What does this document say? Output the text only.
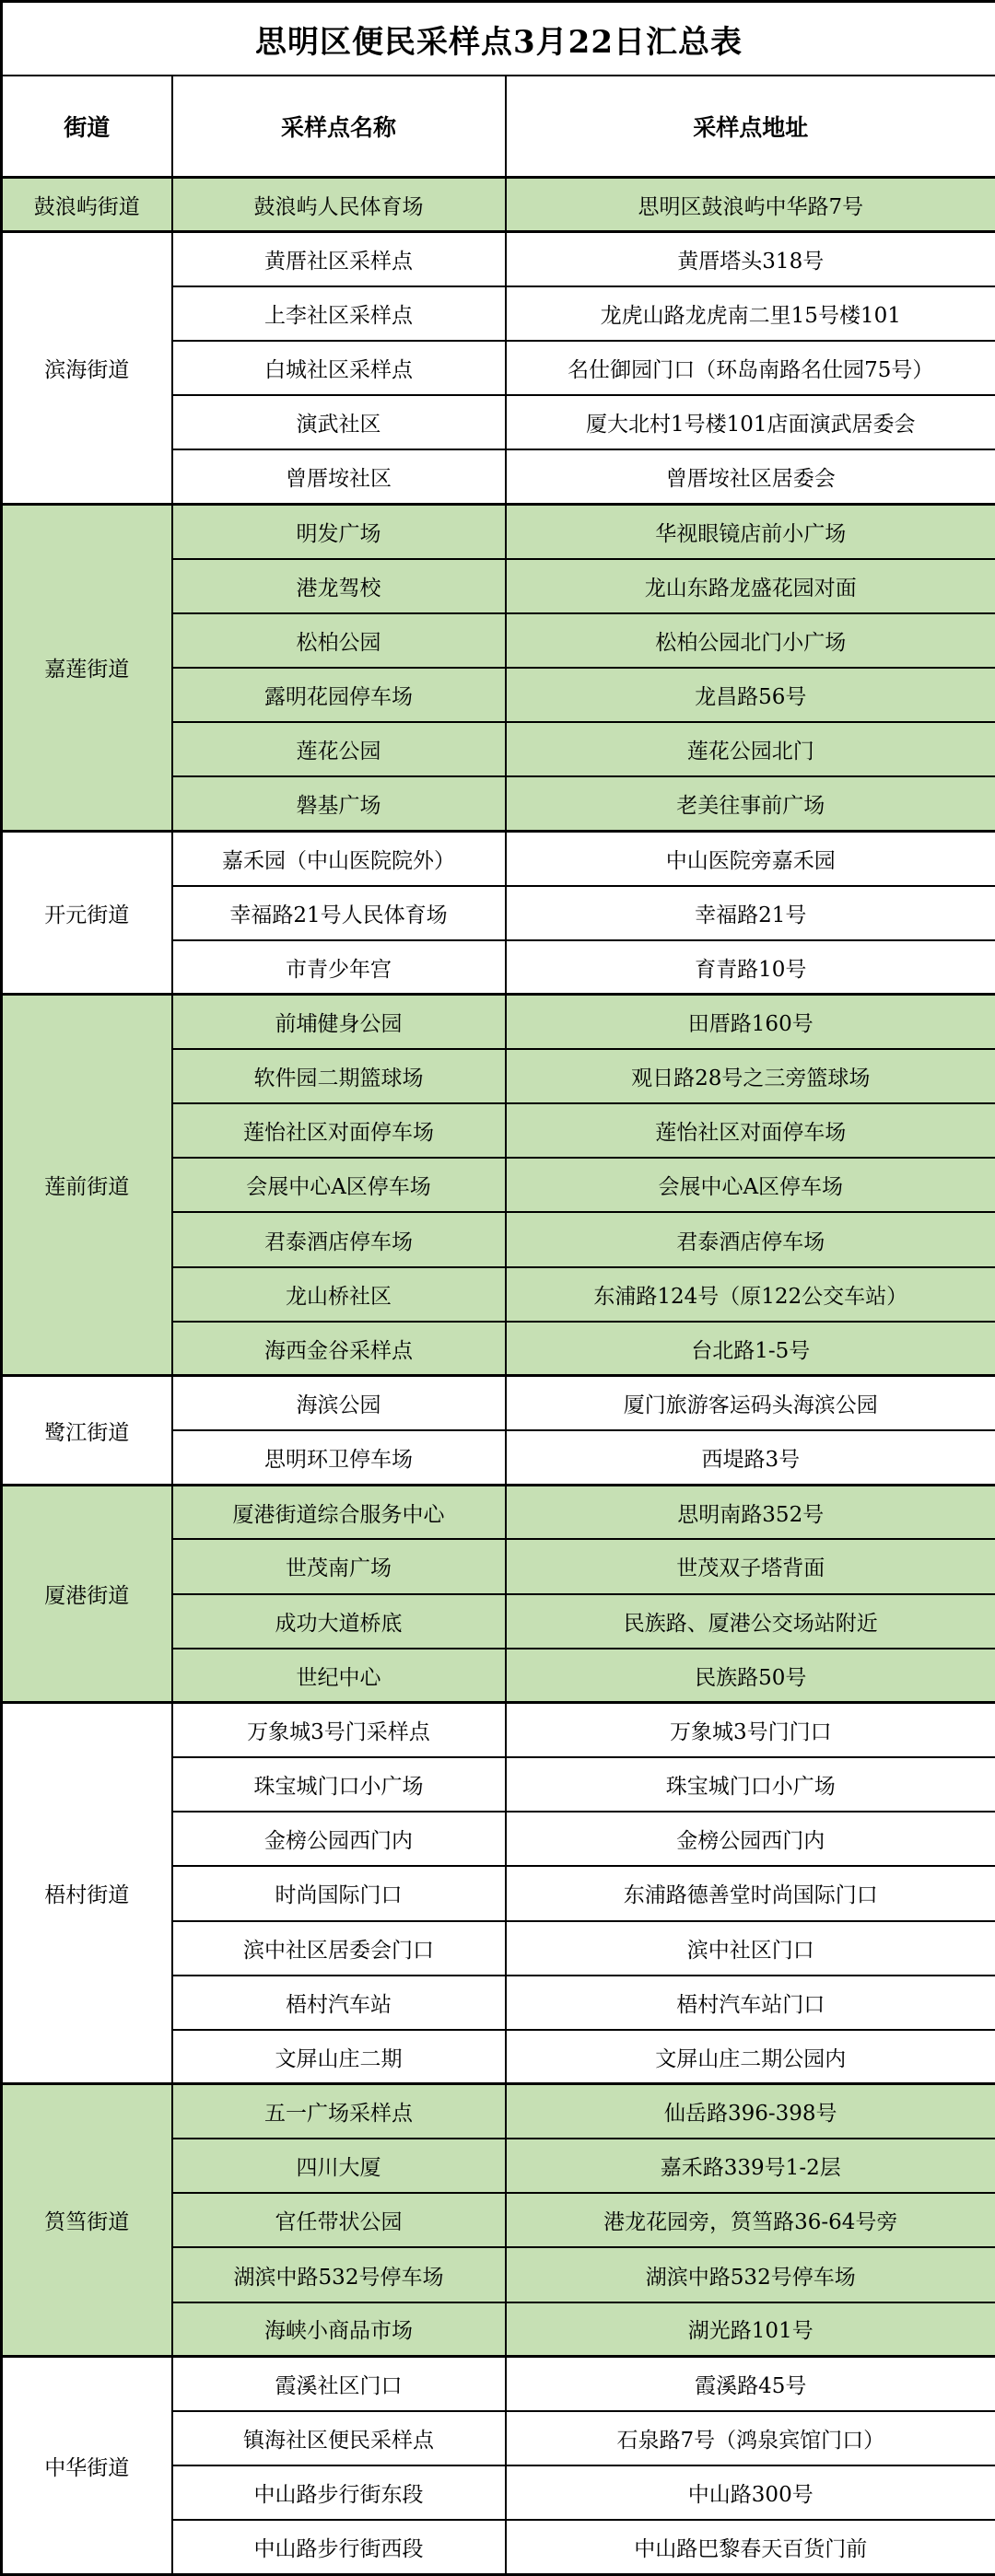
思明区便民采样点3月22日汇总表		
街道	采样点名称	采样点地址
鼓浪屿街道	鼓浪屿人民体育场	思明区鼓浪屿中华路7号
滨海街道	黄厝社区采样点	黄厝塔头318号
	上李社区采样点	龙虎山路龙虎南二里15号楼101
	白城社区采样点	名仕御园门口（环岛南路名仕园75号）
	演武社区	厦大北村1号楼101店面演武居委会
	曾厝垵社区	曾厝垵社区居委会
嘉莲街道	明发广场	华视眼镜店前小广场
	港龙驾校	龙山东路龙盛花园对面
	松柏公园	松柏公园北门小广场
	露明花园停车场	龙昌路56号
	莲花公园	莲花公园北门
	磐基广场	老美往事前广场
开元街道	嘉禾园（中山医院院外）	中山医院旁嘉禾园
	幸福路21号人民体育场	幸福路21号
	市青少年宫	育青路10号
莲前街道	前埔健身公园	田厝路160号
	软件园二期篮球场	观日路28号之三旁篮球场
	莲怡社区对面停车场	莲怡社区对面停车场
	会展中心A区停车场	会展中心A区停车场
	君泰酒店停车场	君泰酒店停车场
	龙山桥社区	东浦路124号（原122公交车站）
	海西金谷采样点	台北路1-5号
鹭江街道	海滨公园	厦门旅游客运码头海滨公园
	思明环卫停车场	西堤路3号
厦港街道	厦港街道综合服务中心	思明南路352号
	世茂南广场	世茂双子塔背面
	成功大道桥底	民族路、厦港公交场站附近
	世纪中心	民族路50号
梧村街道	万象城3号门采样点	万象城3号门门口
	珠宝城门口小广场	珠宝城门口小广场
	金榜公园西门内	金榜公园西门内
	时尚国际门口	东浦路德善堂时尚国际门口
	滨中社区居委会门口	滨中社区门口
	梧村汽车站	梧村汽车站门口
	文屏山庄二期	文屏山庄二期公园内
筼筜街道	五一广场采样点	仙岳路396-398号
	四川大厦	嘉禾路339号1-2层
	官任带状公园	港龙花园旁，筼筜路36-64号旁
	湖滨中路532号停车场	湖滨中路532号停车场
	海峡小商品市场	湖光路101号
中华街道	霞溪社区门口	霞溪路45号
	镇海社区便民采样点	石泉路7号（鸿泉宾馆门口）
	中山路步行街东段	中山路300号
	中山路步行街西段	中山路巴黎春天百货门前
